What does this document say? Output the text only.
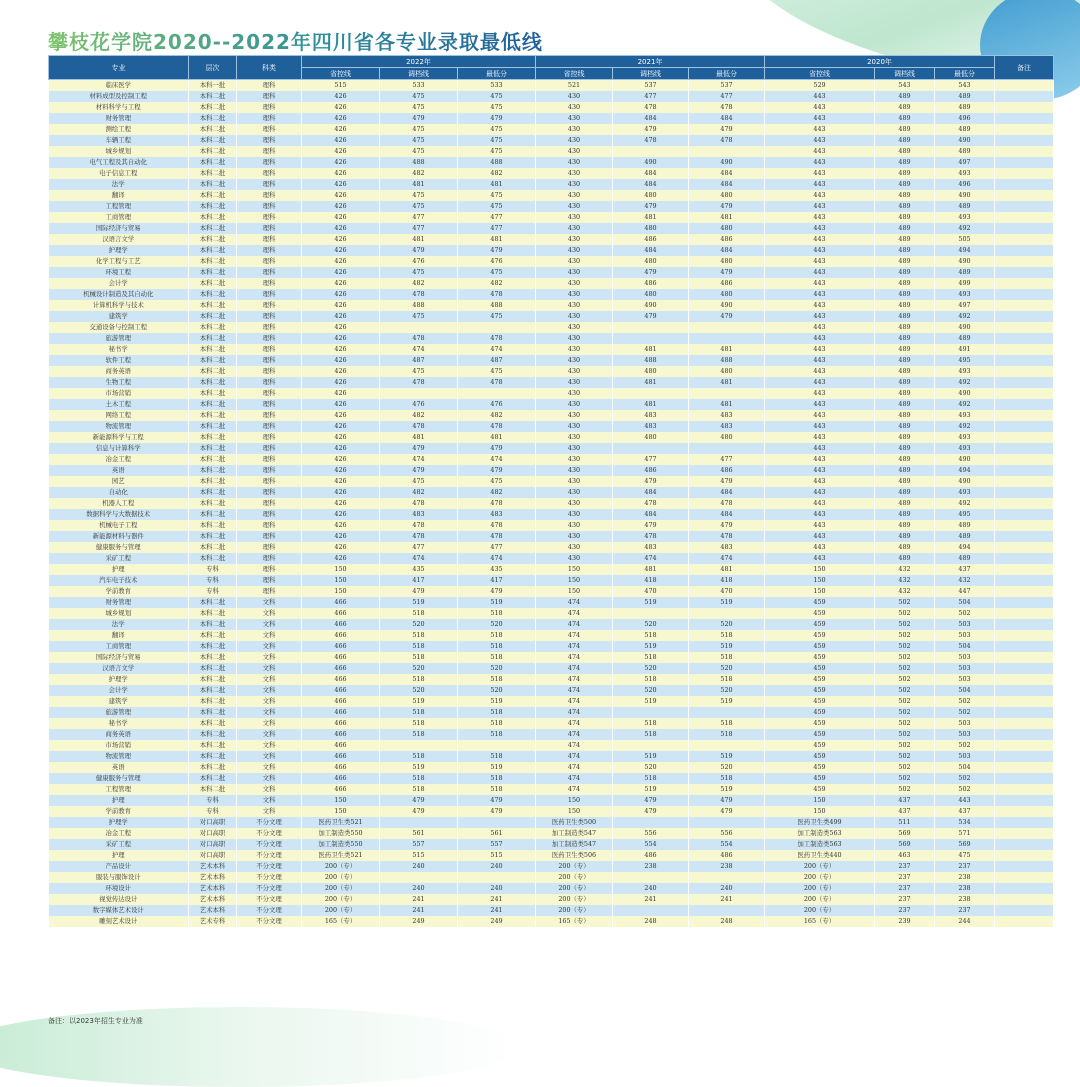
攀枝花学院2020--2022年四川省各专业录取最低线
专业	层次	科类	2022年			2021年			2020年			备注
			省控线	调档线	最低分	省控线	调档线	最低分	省控线	调档线	最低分	
临床医学	本科一批	理科	515	533	533	521	537	537	529	543	543	
材料成型及控制工程	本科二批	理科	426	475	475	430	477	477	443	489	489	
材料科学与工程	本科二批	理科	426	475	475	430	478	478	443	489	489	
财务管理	本科二批	理科	426	479	479	430	484	484	443	489	496	
测绘工程	本科二批	理科	426	475	475	430	479	479	443	489	489	
车辆工程	本科二批	理科	426	475	475	430	478	478	443	489	490	
城乡规划	本科二批	理科	426	475	475	430			443	489	489	
电气工程及其自动化	本科二批	理科	426	488	488	430	490	490	443	489	497	
电子信息工程	本科二批	理科	426	482	482	430	484	484	443	489	493	
法学	本科二批	理科	426	481	481	430	484	484	443	489	496	
翻译	本科二批	理科	426	475	475	430	480	480	443	489	490	
工程管理	本科二批	理科	426	475	475	430	479	479	443	489	489	
工商管理	本科二批	理科	426	477	477	430	481	481	443	489	493	
国际经济与贸易	本科二批	理科	426	477	477	430	480	480	443	489	492	
汉语言文学	本科二批	理科	426	481	481	430	486	486	443	489	505	
护理学	本科二批	理科	426	479	479	430	484	484	443	489	494	
化学工程与工艺	本科二批	理科	426	476	476	430	480	480	443	489	490	
环境工程	本科二批	理科	426	475	475	430	479	479	443	489	489	
会计学	本科二批	理科	426	482	482	430	486	486	443	489	499	
机械设计制造及其自动化	本科二批	理科	426	478	478	430	480	480	443	489	493	
计算机科学与技术	本科二批	理科	426	488	488	430	490	490	443	489	497	
建筑学	本科二批	理科	426	475	475	430	479	479	443	489	492	
交通设备与控制工程	本科二批	理科	426			430			443	489	490	
旅游管理	本科二批	理科	426	478	478	430			443	489	489	
秘书学	本科二批	理科	426	474	474	430	481	481	443	489	491	
软件工程	本科二批	理科	426	487	487	430	488	488	443	489	495	
商务英语	本科二批	理科	426	475	475	430	480	480	443	489	493	
生物工程	本科二批	理科	426	478	478	430	481	481	443	489	492	
市场营销	本科二批	理科	426			430			443	489	490	
土木工程	本科二批	理科	426	476	476	430	481	481	443	489	492	
网络工程	本科二批	理科	426	482	482	430	483	483	443	489	493	
物流管理	本科二批	理科	426	478	478	430	483	483	443	489	492	
新能源科学与工程	本科二批	理科	426	481	481	430	480	480	443	489	493	
信息与计算科学	本科二批	理科	426	479	479	430			443	489	493	
冶金工程	本科二批	理科	426	474	474	430	477	477	443	489	490	
英语	本科二批	理科	426	479	479	430	486	486	443	489	494	
园艺	本科二批	理科	426	475	475	430	479	479	443	489	490	
自动化	本科二批	理科	426	482	482	430	484	484	443	489	493	
机器人工程	本科二批	理科	426	478	478	430	478	478	443	489	492	
数据科学与大数据技术	本科二批	理科	426	483	483	430	484	484	443	489	495	
机械电子工程	本科二批	理科	426	478	478	430	479	479	443	489	489	
新能源材料与器件	本科二批	理科	426	478	478	430	478	478	443	489	489	
健康服务与管理	本科二批	理科	426	477	477	430	483	483	443	489	494	
采矿工程	本科二批	理科	426	474	474	430	474	474	443	489	489	
护理	专科	理科	150	435	435	150	481	481	150	432	437	
汽车电子技术	专科	理科	150	417	417	150	418	418	150	432	432	
学前教育	专科	理科	150	479	479	150	470	470	150	432	447	
财务管理	本科二批	文科	466	519	519	474	519	519	459	502	504	
城乡规划	本科二批	文科	466	518	518	474			459	502	502	
法学	本科二批	文科	466	520	520	474	520	520	459	502	503	
翻译	本科二批	文科	466	518	518	474	518	518	459	502	503	
工商管理	本科二批	文科	466	518	518	474	519	519	459	502	504	
国际经济与贸易	本科二批	文科	466	518	518	474	518	518	459	502	503	
汉语言文学	本科二批	文科	466	520	520	474	520	520	459	502	503	
护理学	本科二批	文科	466	518	518	474	518	518	459	502	503	
会计学	本科二批	文科	466	520	520	474	520	520	459	502	504	
建筑学	本科二批	文科	466	519	519	474	519	519	459	502	502	
旅游管理	本科二批	文科	466	518	518	474			459	502	502	
秘书学	本科二批	文科	466	518	518	474	518	518	459	502	503	
商务英语	本科二批	文科	466	518	518	474	518	518	459	502	503	
市场营销	本科二批	文科	466			474			459	502	502	
物流管理	本科二批	文科	466	518	518	474	519	519	459	502	503	
英语	本科二批	文科	466	519	519	474	520	520	459	502	504	
健康服务与管理	本科二批	文科	466	518	518	474	518	518	459	502	502	
工程管理	本科二批	文科	466	518	518	474	519	519	459	502	502	
护理	专科	文科	150	479	479	150	479	479	150	437	443	
学前教育	专科	文科	150	479	479	150	479	479	150	437	437	
护理学	对口高职	不分文理	医药卫生类521			医药卫生类500			医药卫生类499	511	534	
冶金工程	对口高职	不分文理	加工制造类550	561	561	加工制造类547	556	556	加工制造类563	569	571	
采矿工程	对口高职	不分文理	加工制造类550	557	557	加工制造类547	554	554	加工制造类563	569	569	
护理	对口高职	不分文理	医药卫生类521	515	515	医药卫生类506	486	486	医药卫生类440	463	475	
产品设计	艺术本科	不分文理	200（专）	240	240	200（专）	238	238	200（专）	237	237	
服装与服饰设计	艺术本科	不分文理	200（专）			200（专）			200（专）	237	238	
环境设计	艺术本科	不分文理	200（专）	240	240	200（专）	240	240	200（专）	237	238	
视觉传达设计	艺术本科	不分文理	200（专）	241	241	200（专）	241	241	200（专）	237	238	
数字媒体艺术设计	艺术本科	不分文理	200（专）	241	241	200（专）			200（专）	237	237	
雕刻艺术设计	艺术专科	不分文理	165（专）	249	249	165（专）	248	248	165（专）	239	244	

备注：以2023年招生专业为准
